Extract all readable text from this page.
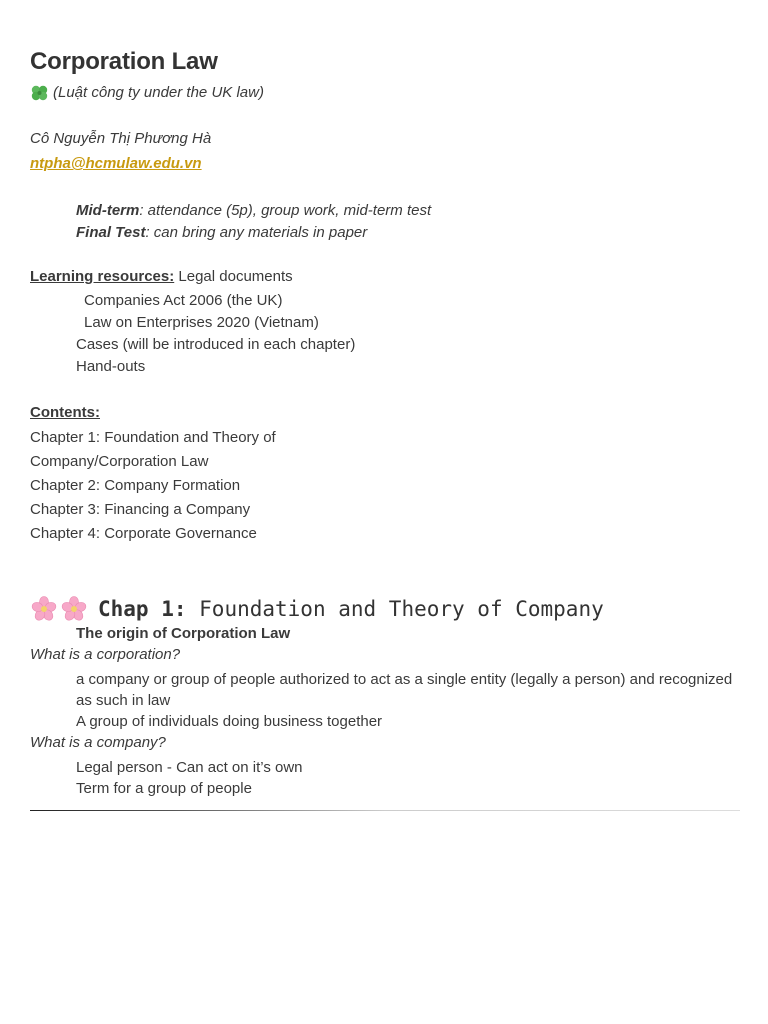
Corporation Law
(Luật công ty under the UK law)
Cô Nguyễn Thị Phương Hà
ntpha@hcmulaw.edu.vn
Mid-term: attendance (5p), group work, mid-term test
Final Test: can bring any materials in paper
Learning resources: Legal documents
Companies Act 2006 (the UK)
Law on Enterprises 2020 (Vietnam)
Cases (will be introduced in each chapter)
Hand-outs
Contents:
Chapter 1: Foundation and Theory of
Company/Corporation Law
Chapter 2: Company Formation
Chapter 3: Financing a Company
Chapter 4: Corporate Governance
Chap 1: Foundation and Theory of Company
The origin of Corporation Law
What is a corporation?
a company or group of people authorized to act as a single entity (legally a person) and recognized as such in law
A group of individuals doing business together
What is a company?
Legal person - Can act on it’s own
Term for a group of people
